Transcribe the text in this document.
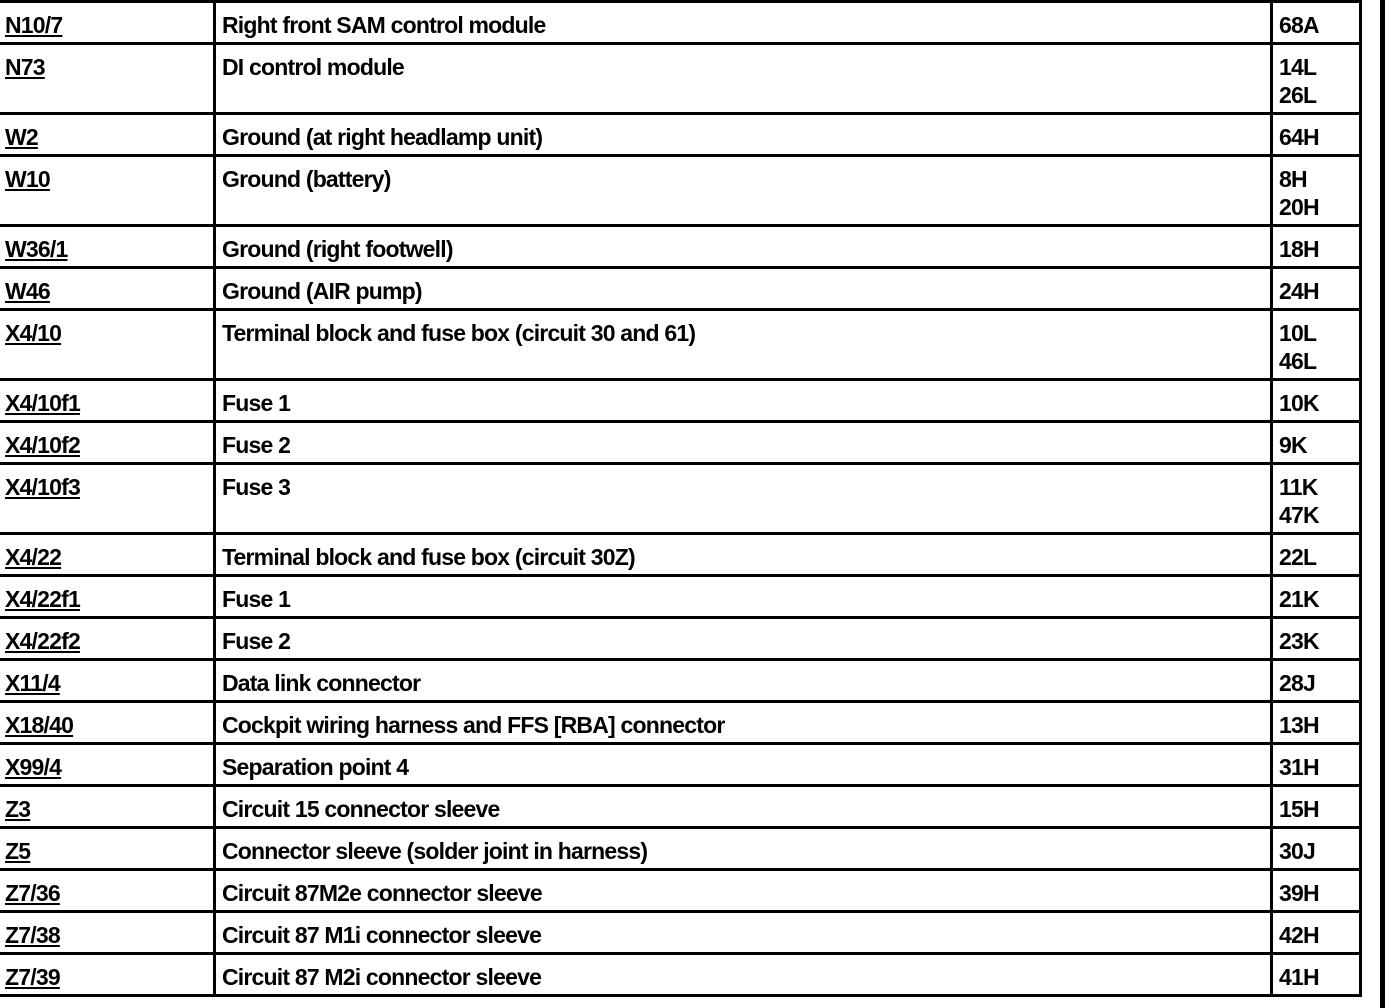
N10/7	Right front SAM control module	68A

N73	DI control module	14L
26L

W2	Ground (at right headlamp unit)	64H

W10	Ground (battery)	8H
20H

W36/1	Ground (right footwell)	18H

W46	Ground (AIR pump)	24H

X4/10	Terminal block and fuse box (circuit 30 and 61)	10L
46L

X4/10f1	Fuse 1	10K

X4/10f2	Fuse 2	9K

X4/10f3	Fuse 3	11K
47K

X4/22	Terminal block and fuse box (circuit 30Z)	22L

X4/22f1	Fuse 1	21K

X4/22f2	Fuse 2	23K

X11/4	Data link connector	28J

X18/40	Cockpit wiring harness and FFS [RBA] connector	13H

X99/4	Separation point 4	31H

Z3	Circuit 15 connector sleeve	15H

Z5	Connector sleeve (solder joint in harness)	30J

Z7/36	Circuit 87M2e connector sleeve	39H

Z7/38	Circuit 87 M1i connector sleeve	42H

Z7/39	Circuit 87 M2i connector sleeve	41H
